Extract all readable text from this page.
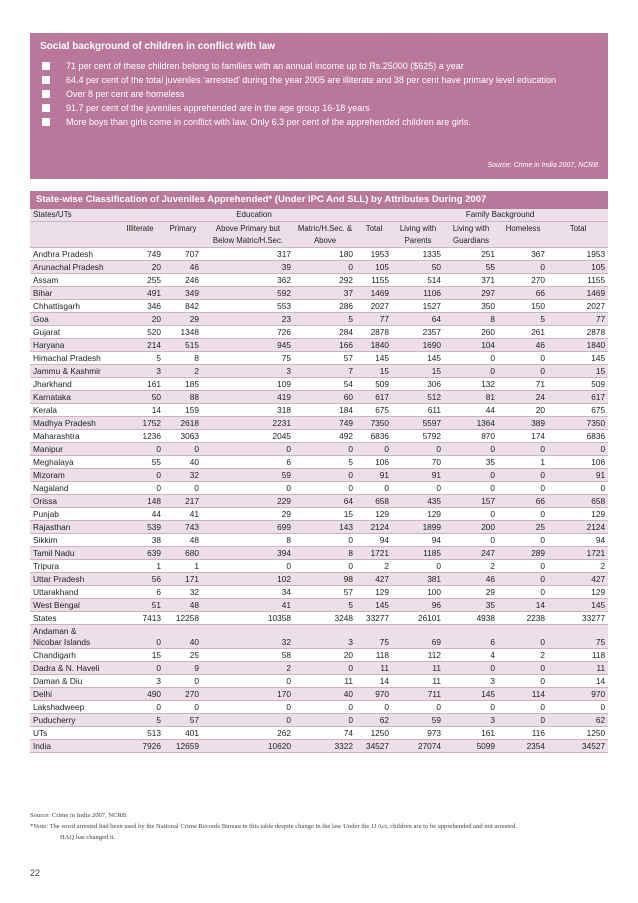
Social background of children in conflict with law
71 per cent of these children belong to families with an annual income up to Rs.25000 ($625) a year
64.4 per cent of the total juveniles ‘arrested’ during the year 2005 are illiterate and 38 per cent have primary level education
Over 8 per cent are homeless
91.7 per cent of the juveniles apprehended are in the age group 16-18 years
More boys than girls come in conflict with law. Only 6.3 per cent of the apprehended children are girls.
Source: Crime in India 2007, NCRB
State-wise Classification of Juveniles Apprehended* (Under IPC And SLL) by Attributes During 2007
States/UTs	Education					Family Background			
	Illiterate	Primary	Above Primary but Below Matric/H.Sec.	Matric/H.Sec. & Above	Total	Living with Parents	Living with Guardians	Homeless	Total
Andhra Pradesh	749	707	317	180	1953	1335	251	367	1953
Arunachal Pradesh	20	46	39	0	105	50	55	0	105
Assam	255	246	362	292	1155	514	371	270	1155
Bihar	491	349	592	37	1469	1106	297	66	1469
Chhattisgarh	346	842	553	286	2027	1527	350	150	2027
Goa	20	29	23	5	77	64	8	5	77
Gujarat	520	1348	726	284	2878	2357	260	261	2878
Haryana	214	515	945	166	1840	1690	104	46	1840
Himachal Pradesh	5	8	75	57	145	145	0	0	145
Jammu & Kashmir	3	2	3	7	15	15	0	0	15
Jharkhand	161	185	109	54	509	306	132	71	509
Karnataka	50	88	419	60	617	512	81	24	617
Kerala	14	159	318	184	675	611	44	20	675
Madhya Pradesh	1752	2618	2231	749	7350	5597	1364	389	7350
Maharashtra	1236	3063	2045	492	6836	5792	870	174	6836
Manipur	0	0	0	0	0	0	0	0	0
Meghalaya	55	40	6	5	106	70	35	1	106
Mizoram	0	32	59	0	91	91	0	0	91
Nagaland	0	0	0	0	0	0	0	0	0
Orissa	148	217	229	64	658	435	157	66	658
Punjab	44	41	29	15	129	129	0	0	129
Rajasthan	539	743	699	143	2124	1899	200	25	2124
Sikkim	38	48	8	0	94	94	0	0	94
Tamil Nadu	639	680	394	8	1721	1185	247	289	1721
Tripura	1	1	0	0	2	0	2	0	2
Uttar Pradesh	56	171	102	98	427	381	46	0	427
Uttarakhand	6	32	34	57	129	100	29	0	129
West Bengal	51	48	41	5	145	96	35	14	145
States	7413	12258	10358	3248	33277	26101	4938	2238	33277
Andaman &
Nicobar Islands	0	40	32	3	75	69	6	0	75
Chandigarh	15	25	58	20	118	112	4	2	118
Dadra & N. Haveli	0	9	2	0	11	11	0	0	11
Daman & Diu	3	0	0	11	14	11	3	0	14
Delhi	490	270	170	40	970	711	145	114	970
Lakshadweep	0	0	0	0	0	0	0	0	0
Puducherry	5	57	0	0	62	59	3	0	62
UTs	513	401	262	74	1250	973	161	116	1250
India	7926	12659	10620	3322	34527	27074	5099	2354	34527
Source: Crime in India 2007, NCRB
*Note: The word arrested had been used by the National Crime Records Bureau in this table despite change in the law Under the JJ Act, children are to be apprehended and not arrested.
HAQ has changed it.
22
